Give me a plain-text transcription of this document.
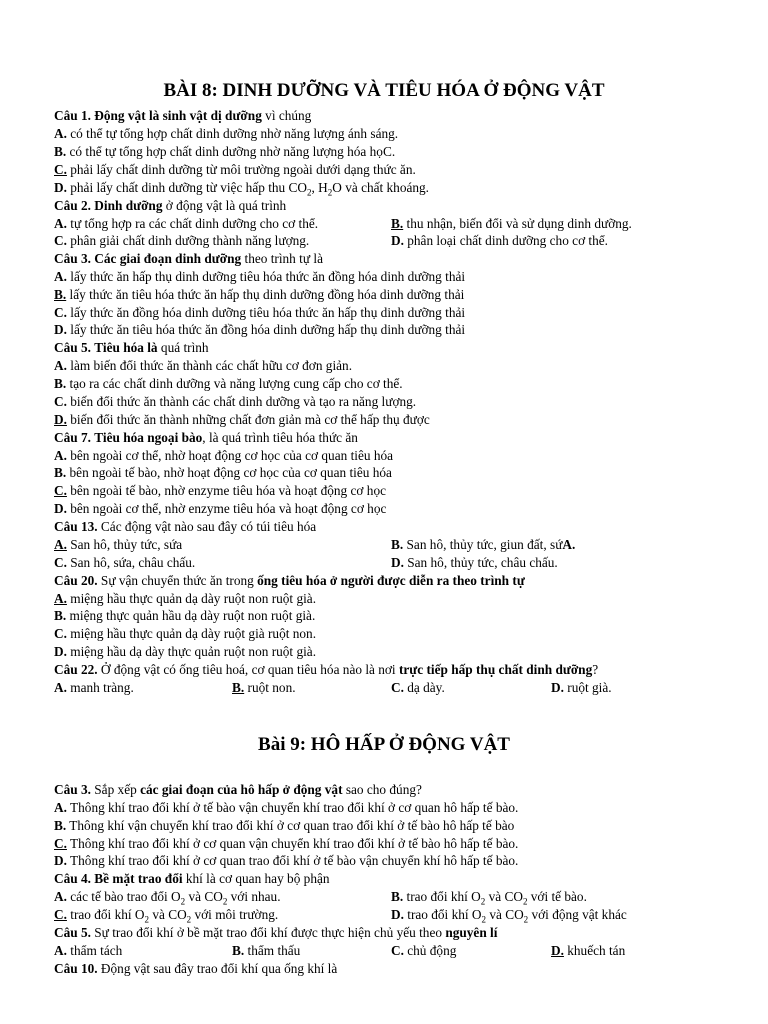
BÀI 8: DINH DƯỠNG VÀ TIÊU HÓA Ở ĐỘNG VẬT
Câu 1. Động vật là sinh vật dị dưỡng vì chúng
A. có thể tự tổng hợp chất dinh dưỡng nhờ năng lượng ánh sáng.
B. có thể tự tổng hợp chất dinh dưỡng nhờ năng lượng hóa họC.
C. phải lấy chất dinh dưỡng từ môi trường ngoài dưới dạng thức ăn.
D. phải lấy chất dinh dưỡng từ việc hấp thu $CO_2$, $H_2O$ và chất khoáng.
Câu 2. Dinh dưỡng ở động vật là quá trình
A. tự tổng hợp ra các chất dinh dưỡng cho cơ thể.	B. thu nhận, biến đổi và sử dụng dinh dưỡng.
C. phân giải chất dinh dưỡng thành năng lượng.	D. phân loại chất dinh dưỡng cho cơ thể.
Câu 3. Các giai đoạn dinh dưỡng theo trình tự là
A. lấy thức ăn hấp thụ dinh dưỡng tiêu hóa thức ăn đồng hóa dinh dưỡng thải
B. lấy thức ăn tiêu hóa thức ăn hấp thụ dinh dưỡng đồng hóa dinh dưỡng thải
C. lấy thức ăn đồng hóa dinh dưỡng tiêu hóa thức ăn hấp thụ dinh dưỡng thải
D. lấy thức ăn tiêu hóa thức ăn đồng hóa dinh dưỡng hấp thụ dinh dưỡng thải
Câu 5. Tiêu hóa là quá trình
A. làm biến đổi thức ăn thành các chất hữu cơ đơn giản.
B. tạo ra các chất dinh dưỡng và năng lượng cung cấp cho cơ thể.
C. biến đổi thức ăn thành các chất dinh dưỡng và tạo ra năng lượng.
D. biến đổi thức ăn thành những chất đơn giản mà cơ thể hấp thụ được
Câu 7. Tiêu hóa ngoại bào, là quá trình tiêu hóa thức ăn
A. bên ngoài cơ thể, nhờ hoạt động cơ học của cơ quan tiêu hóa
B. bên ngoài tế bào, nhờ hoạt động cơ học của cơ quan tiêu hóa
C. bên ngoài tế bào, nhờ enzyme tiêu hóa và hoạt động cơ học
D. bên ngoài cơ thể, nhờ enzyme tiêu hóa và hoạt động cơ học
Câu 13. Các động vật nào sau đây có túi tiêu hóa
A. San hô, thủy tức, sứa	B. San hô, thủy tức, giun đất, sứA.
C. San hô, sứa, châu chấu.	D. San hô, thủy tức, châu chấu.
Câu 20. Sự vận chuyển thức ăn trong ống tiêu hóa ở người được diễn ra theo trình tự
A. miệng hầu thực quản dạ dày ruột non ruột già.
B. miệng thực quản hầu dạ dày ruột non ruột già.
C. miệng hầu thực quản dạ dày ruột già ruột non.
D. miệng hầu dạ dày thực quản ruột non ruột già.
Câu 22. Ở động vật có ống tiêu hoá, cơ quan tiêu hóa nào là nơi trực tiếp hấp thụ chất dinh dưỡng?
A. manh tràng.	B. ruột non.	C. dạ dày.	D. ruột già.
Bài 9: HÔ HẤP Ở ĐỘNG VẬT
Câu 3. Sắp xếp các giai đoạn của hô hấp ở động vật sao cho đúng?
A. Thông khí trao đổi khí ở tế bào vận chuyển khí trao đổi khí ở cơ quan hô hấp tế bào.
B. Thông khí vận chuyển khí trao đổi khí ở cơ quan trao đổi khí ở tế bào hô hấp tế bào
C. Thông khí trao đổi khí ở cơ quan vận chuyển khí trao đổi khí ở tế bào hô hấp tế bào.
D. Thông khí trao đổi khí ở cơ quan trao đổi khí ở tế bào vận chuyển khí hô hấp tế bào.
Câu 4. Bề mặt trao đổi khí là cơ quan hay bộ phận
A. các tế bào trao đổi $O_2$ và $CO_2$ với nhau.	B. trao đổi khí $O_2$ và $CO_2$ với tế bào.
C. trao đổi khí $O_2$ và $CO_2$ với môi trường.	D. trao đổi khí $O_2$ và $CO_2$ với động vật khác
Câu 5. Sự trao đổi khí ở bề mặt trao đổi khí được thực hiện chủ yếu theo nguyên lí
A. thẩm tách	B. thẩm thấu	C. chủ động	D. khuếch tán
Câu 10. Động vật sau đây trao đổi khí qua ống khí là
